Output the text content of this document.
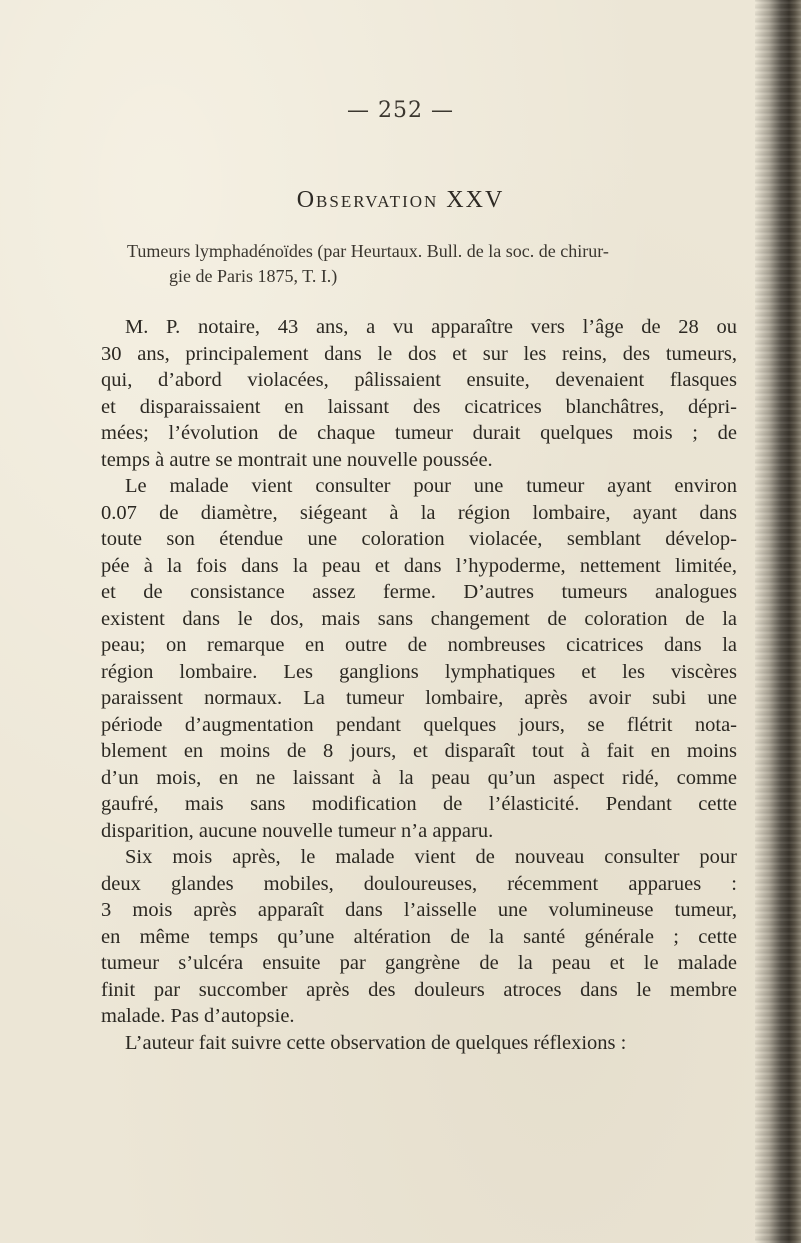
— 252 —
Observation XXV
Tumeurs lymphadénoïdes (par Heurtaux. Bull. de la soc. de chirur-
gie de Paris 1875, T. I.)
M. P. notaire, 43 ans, a vu apparaître vers l’âge de 28 ou
30 ans, principalement dans le dos et sur les reins, des tumeurs,
qui, d’abord violacées, pâlissaient ensuite, devenaient flasques
et disparaissaient en laissant des cicatrices blanchâtres, dépri-
mées; l’évolution de chaque tumeur durait quelques mois ; de
temps à autre se montrait une nouvelle poussée.
Le malade vient consulter pour une tumeur ayant environ
0.07 de diamètre, siégeant à la région lombaire, ayant dans
toute son étendue une coloration violacée, semblant dévelop-
pée à la fois dans la peau et dans l’hypoderme, nettement limitée,
et de consistance assez ferme. D’autres tumeurs analogues
existent dans le dos, mais sans changement de coloration de la
peau; on remarque en outre de nombreuses cicatrices dans la
région lombaire. Les ganglions lymphatiques et les viscères
paraissent normaux. La tumeur lombaire, après avoir subi une
période d’augmentation pendant quelques jours, se flétrit nota-
blement en moins de 8 jours, et disparaît tout à fait en moins
d’un mois, en ne laissant à la peau qu’un aspect ridé, comme
gaufré, mais sans modification de l’élasticité. Pendant cette
disparition, aucune nouvelle tumeur n’a apparu.
Six mois après, le malade vient de nouveau consulter pour
deux glandes mobiles, douloureuses, récemment apparues :
3 mois après apparaît dans l’aisselle une volumineuse tumeur,
en même temps qu’une altération de la santé générale ; cette
tumeur s’ulcéra ensuite par gangrène de la peau et le malade
finit par succomber après des douleurs atroces dans le membre
malade. Pas d’autopsie.
L’auteur fait suivre cette observation de quelques réflexions :
